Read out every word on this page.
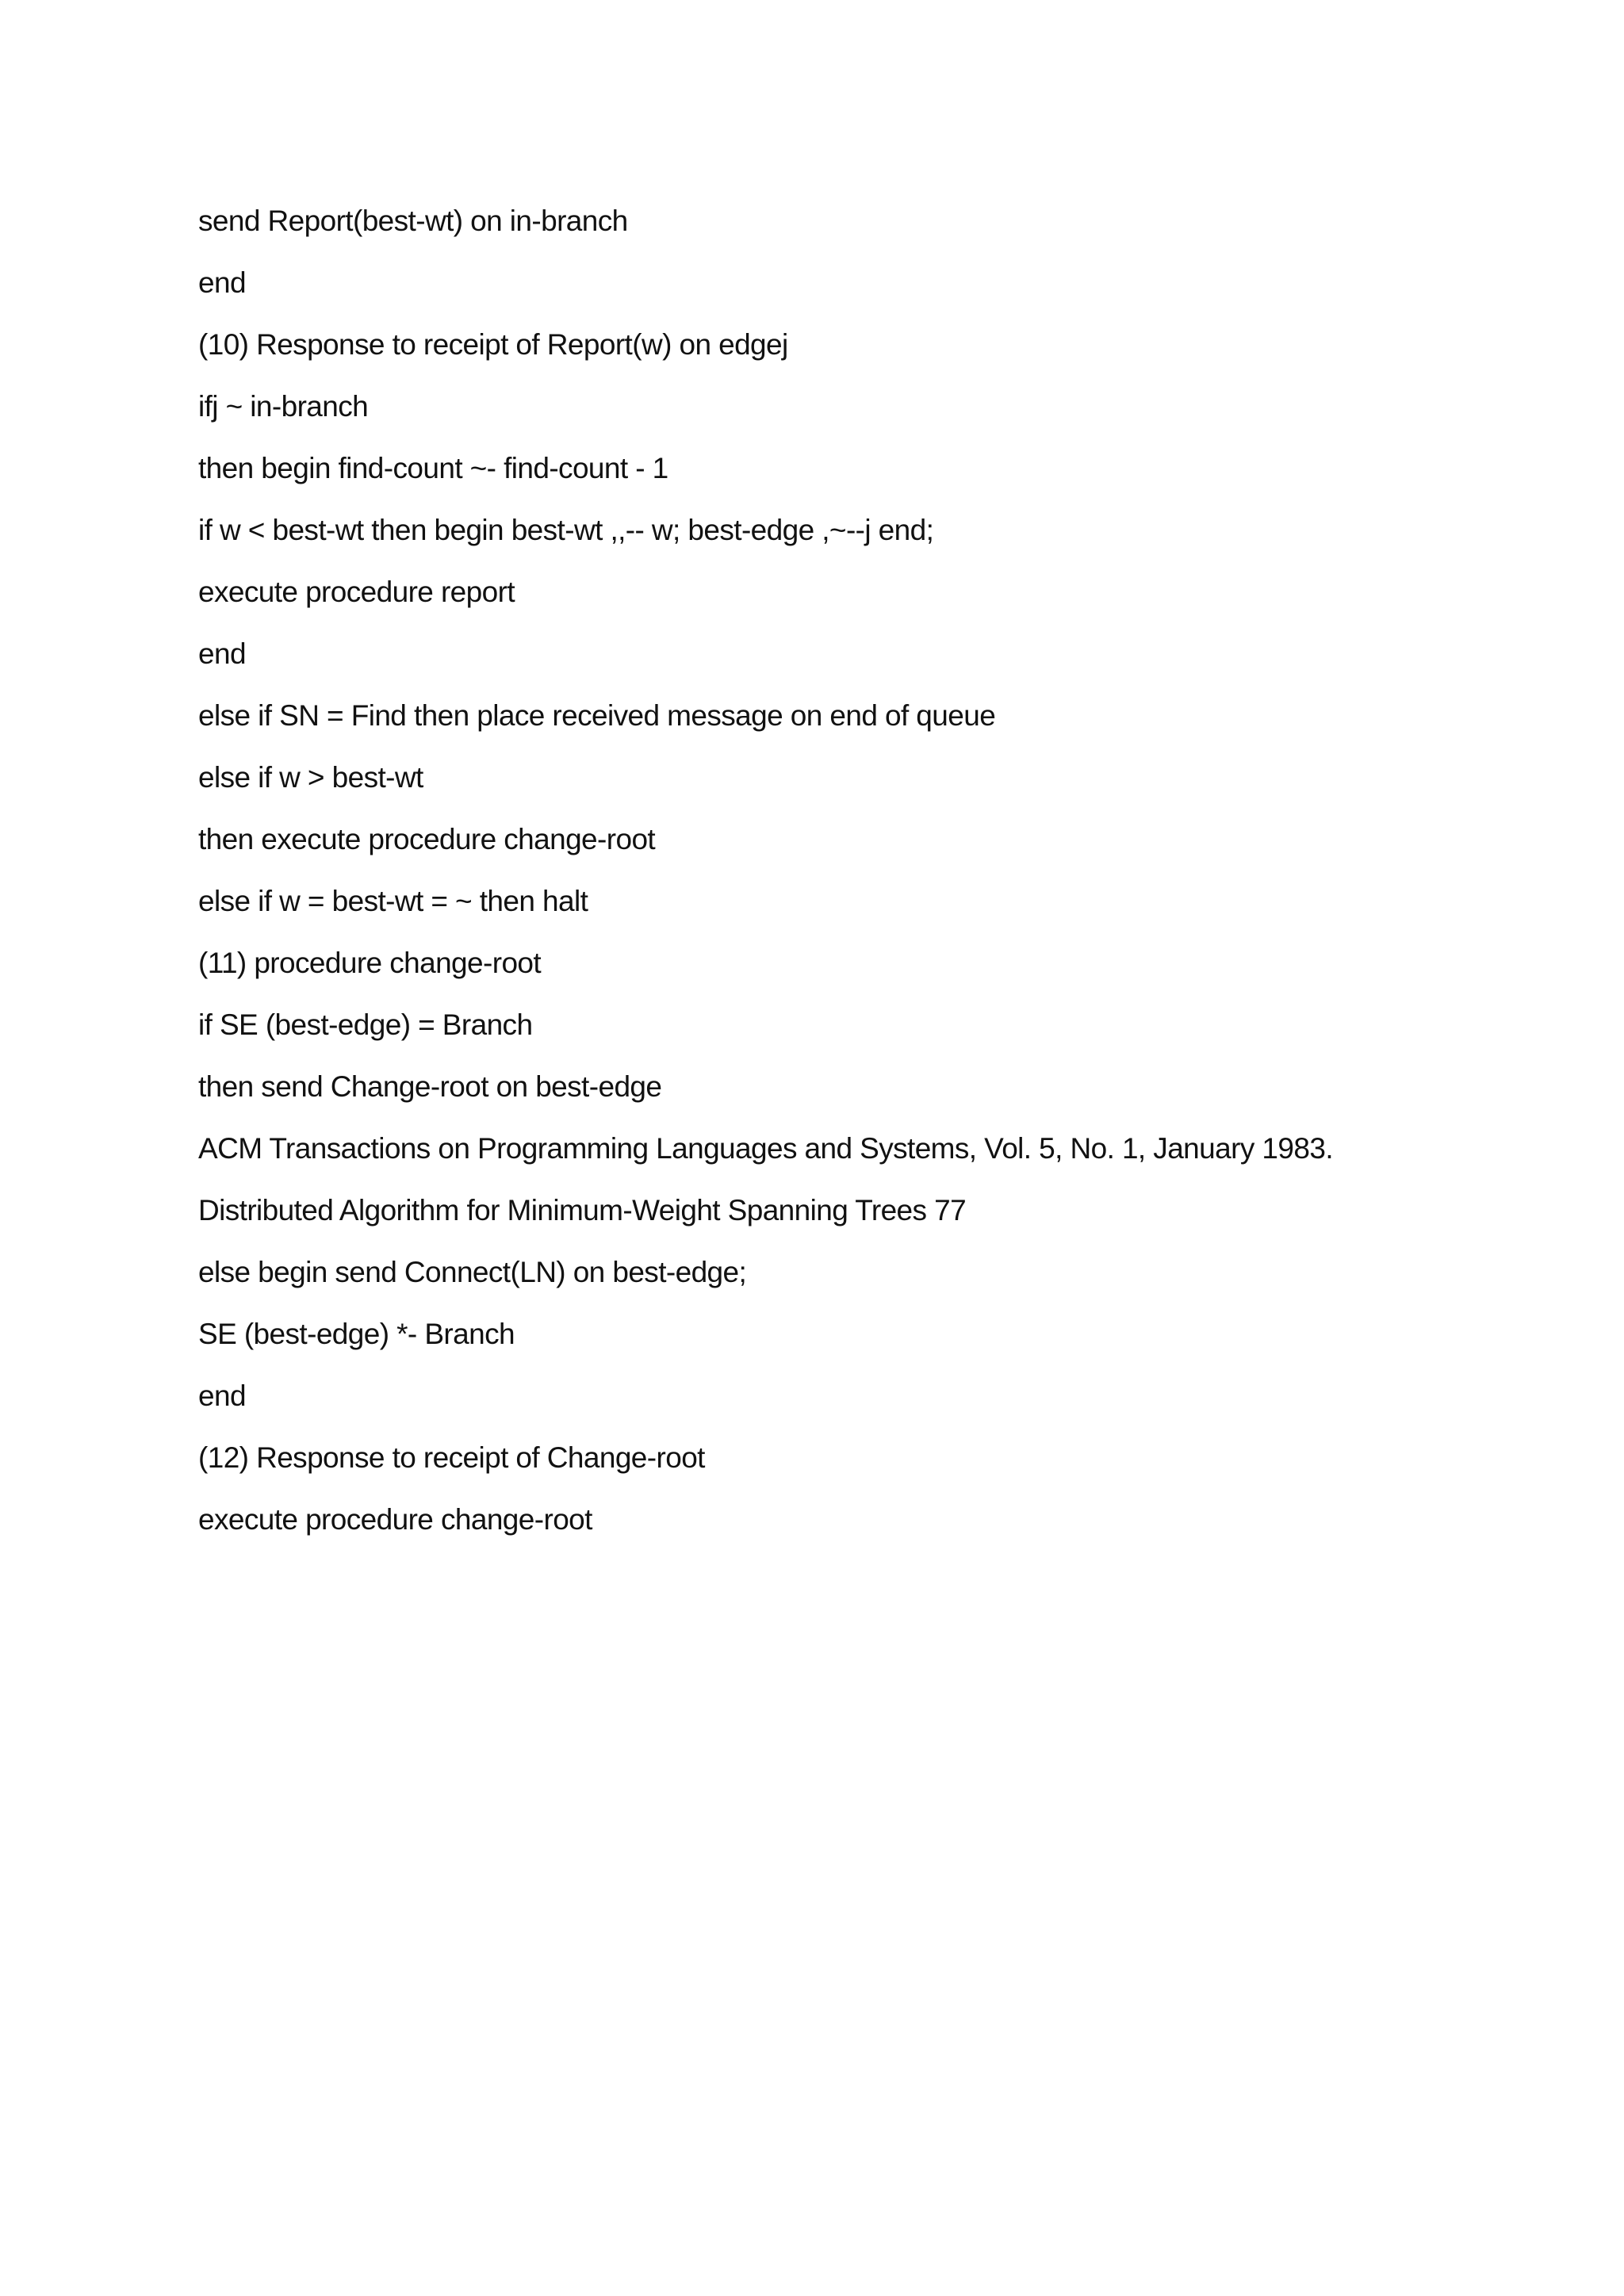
send Report(best-wt) on in-branch
end
(10) Response to receipt of Report(w) on edgej
ifj ~ in-branch
then begin find-count ~- find-count - 1
if w < best-wt then begin best-wt ,,-- w; best-edge ,~--j end;
execute procedure report
end
else if SN = Find then place received message on end of queue
else if w > best-wt
then execute procedure change-root
else if w = best-wt = ~ then halt
(11) procedure change-root
if SE (best-edge) = Branch
then send Change-root on best-edge
ACM Transactions on Programming Languages and Systems, Vol. 5, No. 1, January 1983.
Distributed Algorithm for Minimum-Weight Spanning Trees 77
else begin send Connect(LN) on best-edge;
SE (best-edge) *- Branch
end
(12) Response to receipt of Change-root
execute procedure change-root
